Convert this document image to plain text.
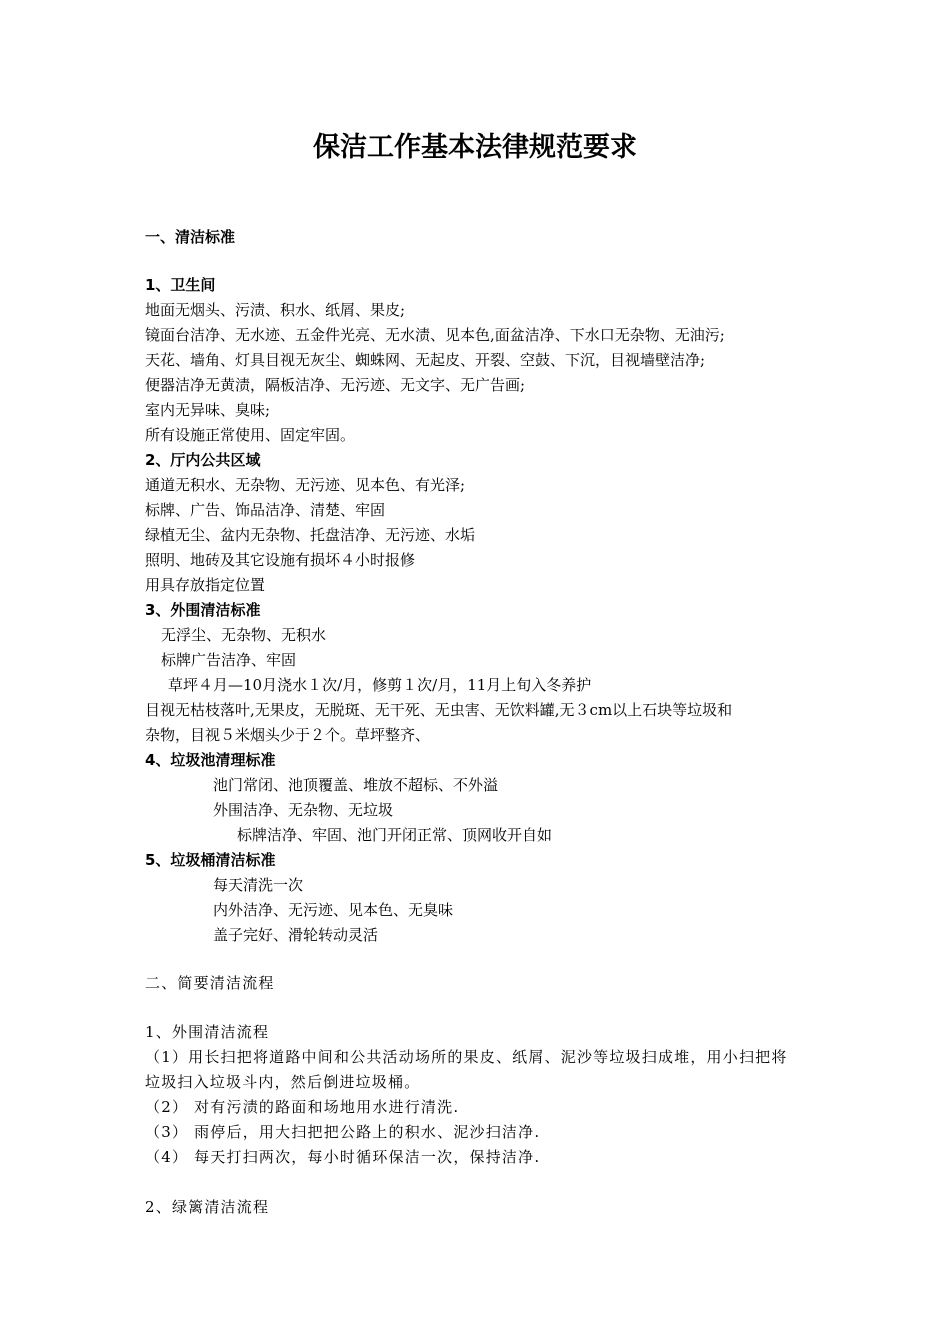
保洁工作基本法律规范要求

一、清洁标准

1、卫生间

地面无烟头、污渍、积水、纸屑、果皮;

镜面台洁净、无水迹、五金件光亮、无水渍、见本色,面盆洁净、下水口无杂物、无油污;

天花、墙角、灯具目视无灰尘、蜘蛛网、无起皮、开裂、空鼓、下沉，目视墙壁洁净;

便器洁净无黄渍，隔板洁净、无污迹、无文字、无广告画;

室内无异味、臭味;

所有设施正常使用、固定牢固。

2、厅内公共区域

通道无积水、无杂物、无污迹、见本色、有光泽;

标牌、广告、饰品洁净、清楚、牢固

绿植无尘、盆内无杂物、托盘洁净、无污迹、水垢

照明、地砖及其它设施有损坏４小时报修

用具存放指定位置

3、外围清洁标准

无浮尘、无杂物、无积水

标牌广告洁净、牢固

草坪４月—10月浇水１次/月，修剪１次/月，11月上旬入冬养护

目视无枯枝落叶,无果皮，无脱斑、无干死、无虫害、无饮料罐,无３cm以上石块等垃圾和

杂物，目视５米烟头少于２个。草坪整齐、

4、垃圾池清理标准

池门常闭、池顶覆盖、堆放不超标、不外溢

外围洁净、无杂物、无垃圾

标牌洁净、牢固、池门开闭正常、顶网收开自如

5、垃圾桶清洁标准

每天清洗一次

内外洁净、无污迹、见本色、无臭味

盖子完好、滑轮转动灵活

二、简要清洁流程

1、外围清洁流程

（1）用长扫把将道路中间和公共活动场所的果皮、纸屑、泥沙等垃圾扫成堆，用小扫把将

垃圾扫入垃圾斗内，然后倒进垃圾桶。

（2） 对有污渍的路面和场地用水进行清洗.

（3） 雨停后，用大扫把把公路上的积水、泥沙扫洁净.

（4） 每天打扫两次，每小时循环保洁一次，保持洁净.

2、绿篱清洁流程
